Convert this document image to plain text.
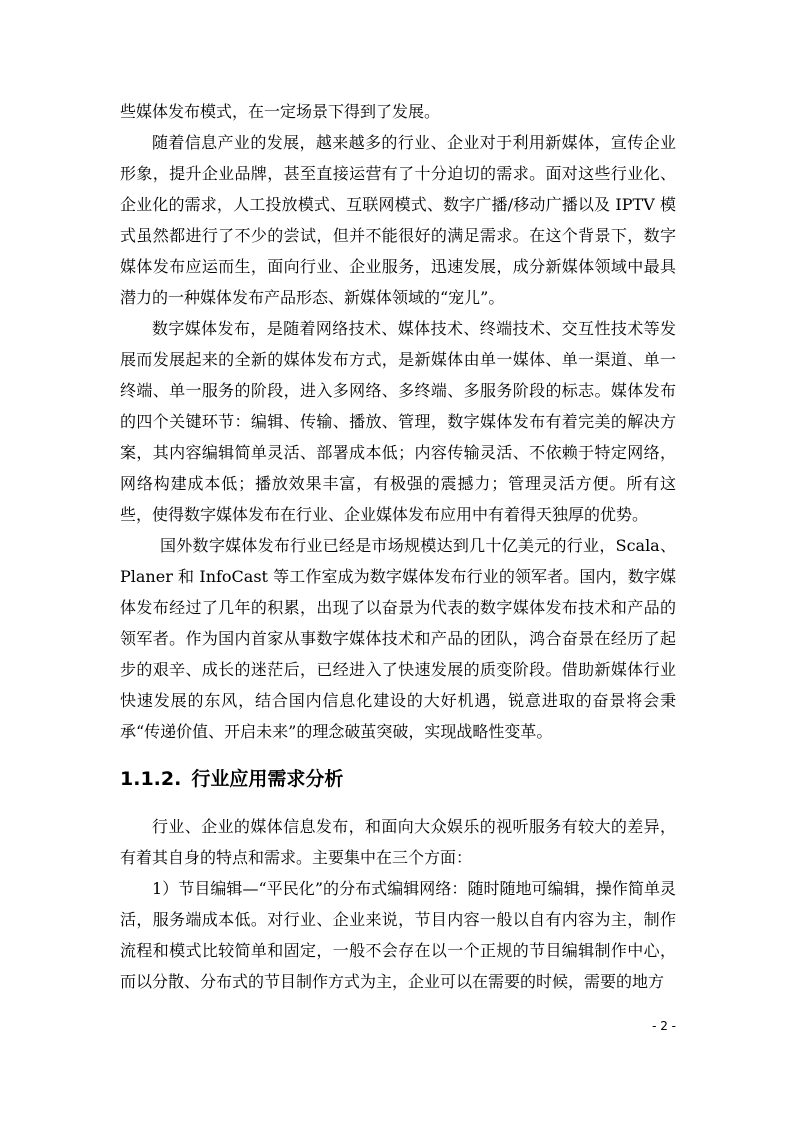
些媒体发布模式，在一定场景下得到了发展。

随着信息产业的发展，越来越多的行业、企业对于利用新媒体，宣传企业形象，提升企业品牌，甚至直接运营有了十分迫切的需求。面对这些行业化、企业化的需求，人工投放模式、互联网模式、数字广播/移动广播以及 IPTV 模式虽然都进行了不少的尝试，但并不能很好的满足需求。在这个背景下，数字媒体发布应运而生，面向行业、企业服务，迅速发展，成分新媒体领域中最具潜力的一种媒体发布产品形态、新媒体领域的“宠儿”。

数字媒体发布，是随着网络技术、媒体技术、终端技术、交互性技术等发展而发展起来的全新的媒体发布方式，是新媒体由单一媒体、单一渠道、单一终端、单一服务的阶段，进入多网络、多终端、多服务阶段的标志。媒体发布的四个关键环节：编辑、传输、播放、管理，数字媒体发布有着完美的解决方案，其内容编辑简单灵活、部署成本低；内容传输灵活、不依赖于特定网络，网络构建成本低；播放效果丰富，有极强的震撼力；管理灵活方便。所有这些，使得数字媒体发布在行业、企业媒体发布应用中有着得天独厚的优势。

国外数字媒体发布行业已经是市场规模达到几十亿美元的行业，Scala、Planer 和 InfoCast 等工作室成为数字媒体发布行业的领军者。国内，数字媒体发布经过了几年的积累，出现了以奋景为代表的数字媒体发布技术和产品的领军者。作为国内首家从事数字媒体技术和产品的团队，鸿合奋景在经历了起步的艰辛、成长的迷茫后，已经进入了快速发展的质变阶段。借助新媒体行业快速发展的东风，结合国内信息化建设的大好机遇，锐意进取的奋景将会秉承“传递价值、开启未来”的理念破茧突破，实现战略性变革。

1.1.2. 行业应用需求分析

行业、企业的媒体信息发布，和面向大众娱乐的视听服务有较大的差异，有着其自身的特点和需求。主要集中在三个方面：

1）节目编辑—“平民化”的分布式编辑网络：随时随地可编辑，操作简单灵活，服务端成本低。对行业、企业来说，节目内容一般以自有内容为主，制作流程和模式比较简单和固定，一般不会存在以一个正规的节目编辑制作中心，而以分散、分布式的节目制作方式为主，企业可以在需要的时候，需要的地方

- 2 -
